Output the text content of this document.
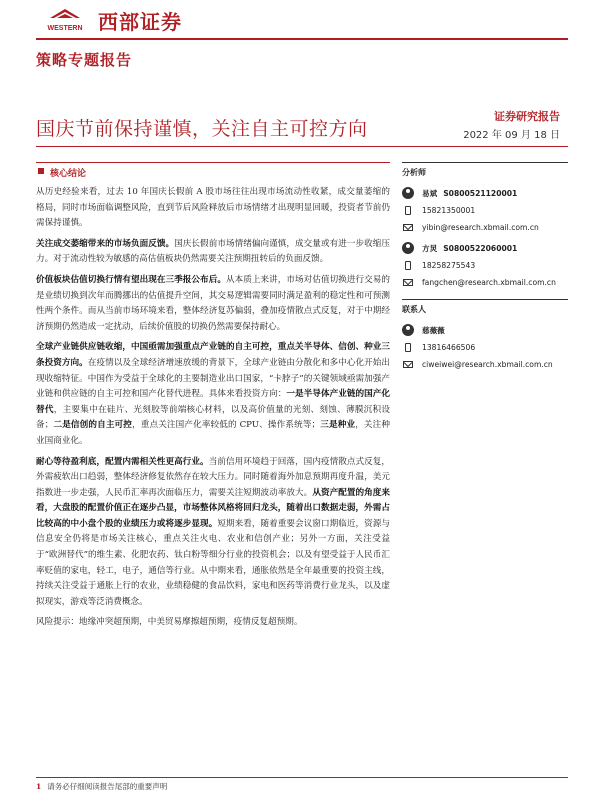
WESTERN 西部证券
策略专题报告
国庆节前保持谨慎，关注自主可控方向
证券研究报告
2022 年 09 月 18 日
核心结论

从历史经验来看，过去 10 年国庆长假前 A 股市场往往出现市场流动性收紧，成交量萎缩的格局，同时市场面临调整风险，直到节后风险释放后市场情绪才出现明显回暖，投资者节前仍需保持谨慎。

关注成交萎缩带来的市场负面反馈。国庆长假前市场情绪偏向谨慎，成交量或有进一步收缩压力。对于流动性较为敏感的高估值板块仍然需要关注预期扭转后的负面反馈。

价值板块估值切换行情有望出现在三季报公布后。从本质上来讲，市场对估值切换进行交易的是业绩切换到次年而腾挪出的估值提升空间，其交易逻辑需要同时满足盈利的稳定性和可预测性两个条件。而从当前市场环境来看，整体经济复苏偏弱，叠加疫情散点式反复，对于中期经济预期仍然造成一定扰动，后续价值股的切换仍然需要保持耐心。

全球产业链供应链收缩，中国亟需加强重点产业链的自主可控，重点关半导体、信创、种业三条投资方向。在疫情以及全球经济增速放缓的背景下，全球产业链由分散化和多中心化开始出现收缩特征。中国作为受益于全球化的主要制造业出口国家，“卡脖子”的关键领域亟需加强产业链和供应链的自主可控和国产化替代进程。具体来看投资方向：一是半导体产业链的国产化替代，主要集中在硅片、光刻胶等前端核心材料，以及高价值量的光刻、刻蚀、薄膜沉积设备；二是信创的自主可控，重点关注国产化率较低的 CPU、操作系统等；三是种业，关注种业国商业化。

耐心等待盈利底，配置内需相关性更高行业。当前信用环境趋于回落，国内疫情散点式反复，外需疲软出口趋弱，整体经济修复依然存在较大压力。同时随着海外加息预期再度升温，美元指数进一步走强，人民币汇率再次面临压力，需要关注短期波动率放大。从资产配置的角度来看，大盘股的配置价值正在逐步凸显，市场整体风格将回归龙头，随着出口数据走弱，外需占比较高的中小盘个股的业绩压力或将逐步显现。短期来看，随着重要会议窗口期临近，资源与信息安全仍将是市场关注核心，重点关注火电、农业和信创产业；另外一方面，关注受益于“欧洲替代”的维生素、化肥农药、钛白粉等细分行业的投资机会；以及有望受益于人民币汇率贬值的家电，轻工，电子，通信等行业。从中期来看，通胀依然是全年最重要的投资主线，持续关注受益于通胀上行的农业，业绩稳健的食品饮料，家电和医药等消费行业龙头，以及虚拟现实，游戏等泛消费概念。

风险提示：地缘冲突超预期，中美贸易摩擦超预期，疫情反复超预期。
分析师
易斌 S0800521120001
15821350001
yibin@research.xbmail.com.cn
方炅 S0800522060001
18258275543
fangchen@research.xbmail.com.cn
联系人
慈薇薇
13816466506
ciweiwei@research.xbmail.com.cn
1 请务必仔细阅读报告尾部的重要声明
